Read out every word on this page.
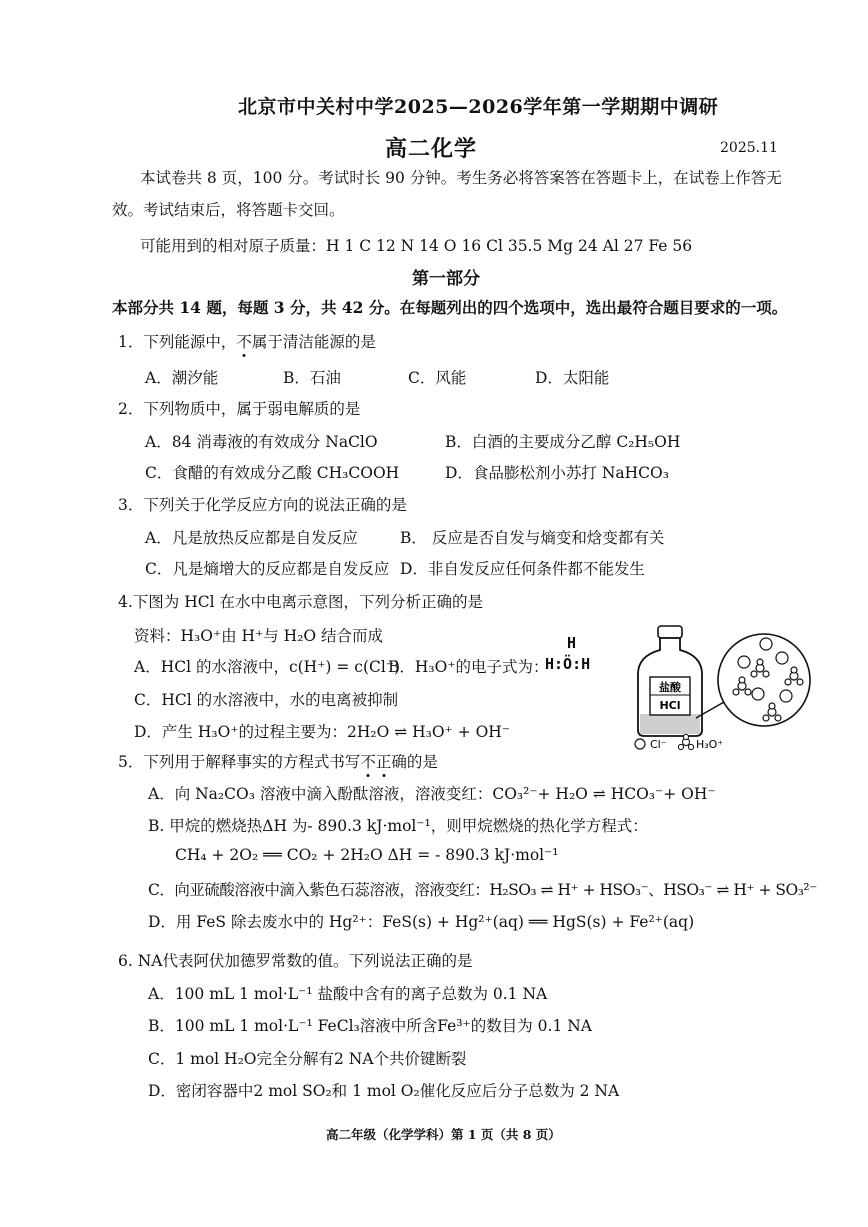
北京市中关村中学2025—2026学年第一学期期中调研
高二化学	2025.11
本试卷共 8 页，100 分。考试时长 90 分钟。考生务必将答案答在答题卡上，在试卷上作答无
效。考试结束后，将答题卡交回。
可能用到的相对原子质量：H 1 C 12 N 14 O 16 Cl 35.5 Mg 24 Al 27 Fe 56
第一部分
本部分共 14 题，每题 3 分，共 42 分。在每题列出的四个选项中，选出最符合题目要求的一项。
1．下列能源中，不属于清洁能源的是
A．潮汐能	B．石油	C．风能	D．太阳能
2．下列物质中，属于弱电解质的是
A．84 消毒液的有效成分 NaClO	B．白酒的主要成分乙醇 C₂H₅OH
C．食醋的有效成分乙酸 CH₃COOH	D．食品膨松剂小苏打 NaHCO₃
3．下列关于化学反应方向的说法正确的是
A．凡是放热反应都是自发反应	B． 反应是否自发与熵变和焓变都有关
C．凡是熵增大的反应都是自发反应 D．非自发反应任何条件都不能发生
4.下图为 HCl 在水中电离示意图，下列分析正确的是
资料：H₃O⁺由 H⁺与 H₂O 结合而成
A．HCl 的水溶液中，c(H⁺) = c(Cl⁻)
B．H₃O⁺的电子式为：
H
H:Ö:H
C．HCl 的水溶液中，水的电离被抑制
D．产生 H₃O⁺的过程主要为：2H₂O ⇌ H₃O⁺ + OH⁻
盐酸
HCl
Cl⁻	H₃O⁺
5．下列用于解释事实的方程式书写不正确的是
A．向 Na₂CO₃ 溶液中滴入酚酞溶液，溶液变红：CO₃²⁻+ H₂O ⇌ HCO₃⁻+ OH⁻
B. 甲烷的燃烧热ΔH 为- 890.3 kJ·mol⁻¹，则甲烷燃烧的热化学方程式：
CH₄ + 2O₂ ══ CO₂ + 2H₂O ΔH = - 890.3 kJ·mol⁻¹
C．向亚硫酸溶液中滴入紫色石蕊溶液，溶液变红：H₂SO₃ ⇌ H⁺ + HSO₃⁻、HSO₃⁻ ⇌ H⁺ + SO₃²⁻
D．用 FeS 除去废水中的 Hg²⁺：FeS(s) + Hg²⁺(aq) ══ HgS(s) + Fe²⁺(aq)
6. NA代表阿伏加德罗常数的值。下列说法正确的是
A．100 mL 1 mol·L⁻¹ 盐酸中含有的离子总数为 0.1 NA
B．100 mL 1 mol·L⁻¹ FeCl₃溶液中所含Fe³⁺的数目为 0.1 NA
C．1 mol H₂O完全分解有2 NA个共价键断裂
D．密闭容器中2 mol SO₂和 1 mol O₂催化反应后分子总数为 2 NA
高二年级（化学学科）第 1 页（共 8 页）
